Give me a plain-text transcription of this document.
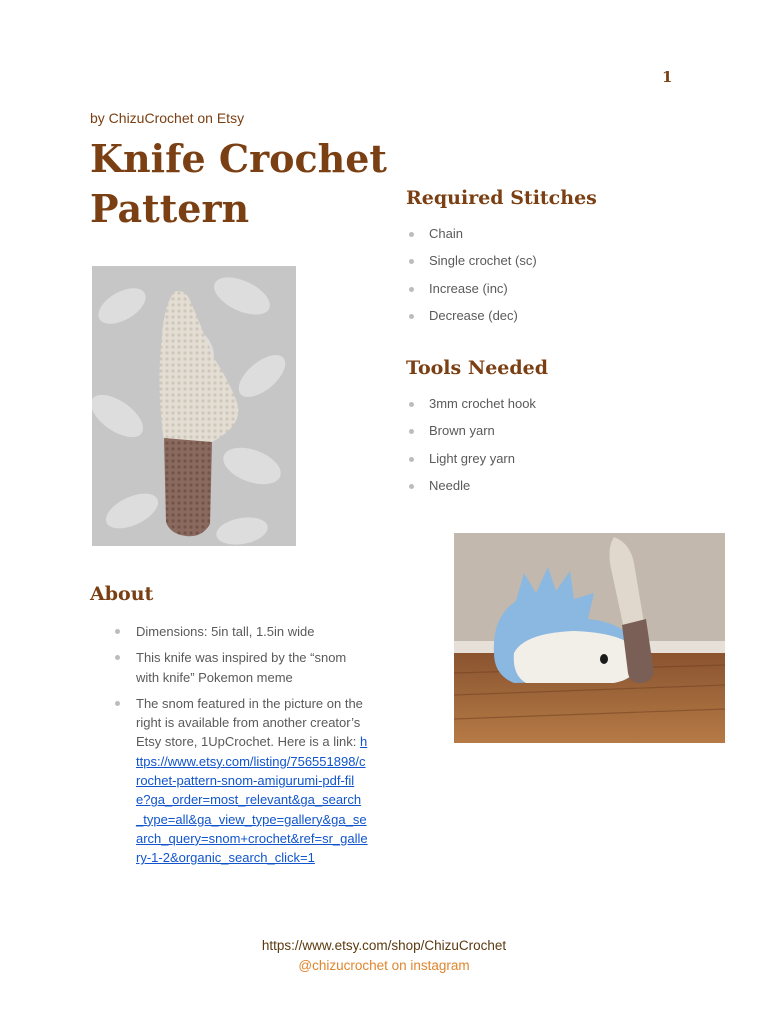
1
by ChizuCrochet on Etsy
Knife Crochet Pattern	Required Stitches
Chain
Single crochet (sc)
Increase (inc)
Decrease (dec)
Tools Needed
3mm crochet hook
Brown yarn
Light grey yarn
Needle
About
Dimensions: 5in tall, 1.5in wide
This knife was inspired by the “snom with knife” Pokemon meme
The snom featured in the picture on the right is available from another creator’s Etsy store, 1UpCrochet. Here is a link: https://www.etsy.com/listing/756551898/crochet-pattern-snom-amigurumi-pdf-file?ga_order=most_relevant&ga_search_type=all&ga_view_type=gallery&ga_search_query=snom+crochet&ref=sr_gallery-1-2&organic_search_click=1
https://www.etsy.com/shop/ChizuCrochet
@chizucrochet on instagram
